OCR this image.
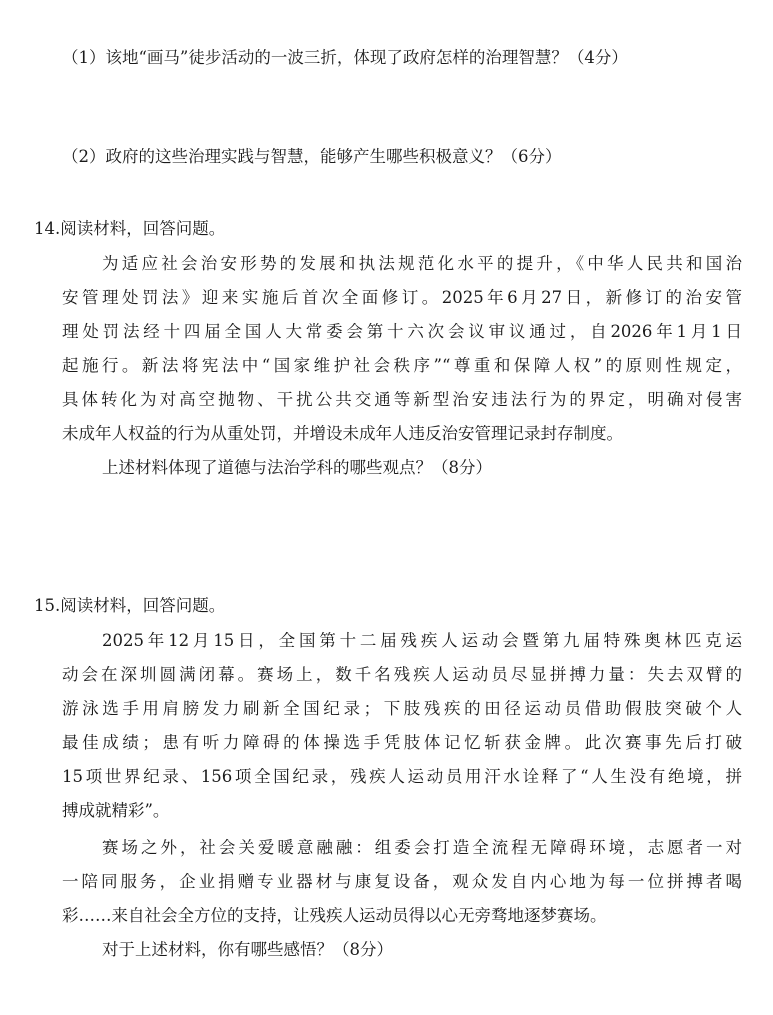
（1）该地“画马”徒步活动的一波三折，体现了政府怎样的治理智慧？（4分）

（2）政府的这些治理实践与智慧，能够产生哪些积极意义？（6分）

14.阅读材料，回答问题。

为适应社会治安形势的发展和执法规范化水平的提升，《中华人民共和国治

安管理处罚法》迎来实施后首次全面修订。2025年6月27日，新修订的治安管

理处罚法经十四届全国人大常委会第十六次会议审议通过，自2026年1月1日

起施行。新法将宪法中“国家维护社会秩序”“尊重和保障人权”的原则性规定，

具体转化为对高空抛物、干扰公共交通等新型治安违法行为的界定，明确对侵害

未成年人权益的行为从重处罚，并增设未成年人违反治安管理记录封存制度。

上述材料体现了道德与法治学科的哪些观点？（8分）

15.阅读材料，回答问题。

2025年12月15日，全国第十二届残疾人运动会暨第九届特殊奥林匹克运

动会在深圳圆满闭幕。赛场上，数千名残疾人运动员尽显拼搏力量：失去双臂的

游泳选手用肩膀发力刷新全国纪录；下肢残疾的田径运动员借助假肢突破个人

最佳成绩；患有听力障碍的体操选手凭肢体记忆斩获金牌。此次赛事先后打破

15项世界纪录、156项全国纪录，残疾人运动员用汗水诠释了“人生没有绝境，拼

搏成就精彩”。

赛场之外，社会关爱暖意融融：组委会打造全流程无障碍环境，志愿者一对

一陪同服务，企业捐赠专业器材与康复设备，观众发自内心地为每一位拼搏者喝

彩……来自社会全方位的支持，让残疾人运动员得以心无旁骛地逐梦赛场。

对于上述材料，你有哪些感悟？（8分）
